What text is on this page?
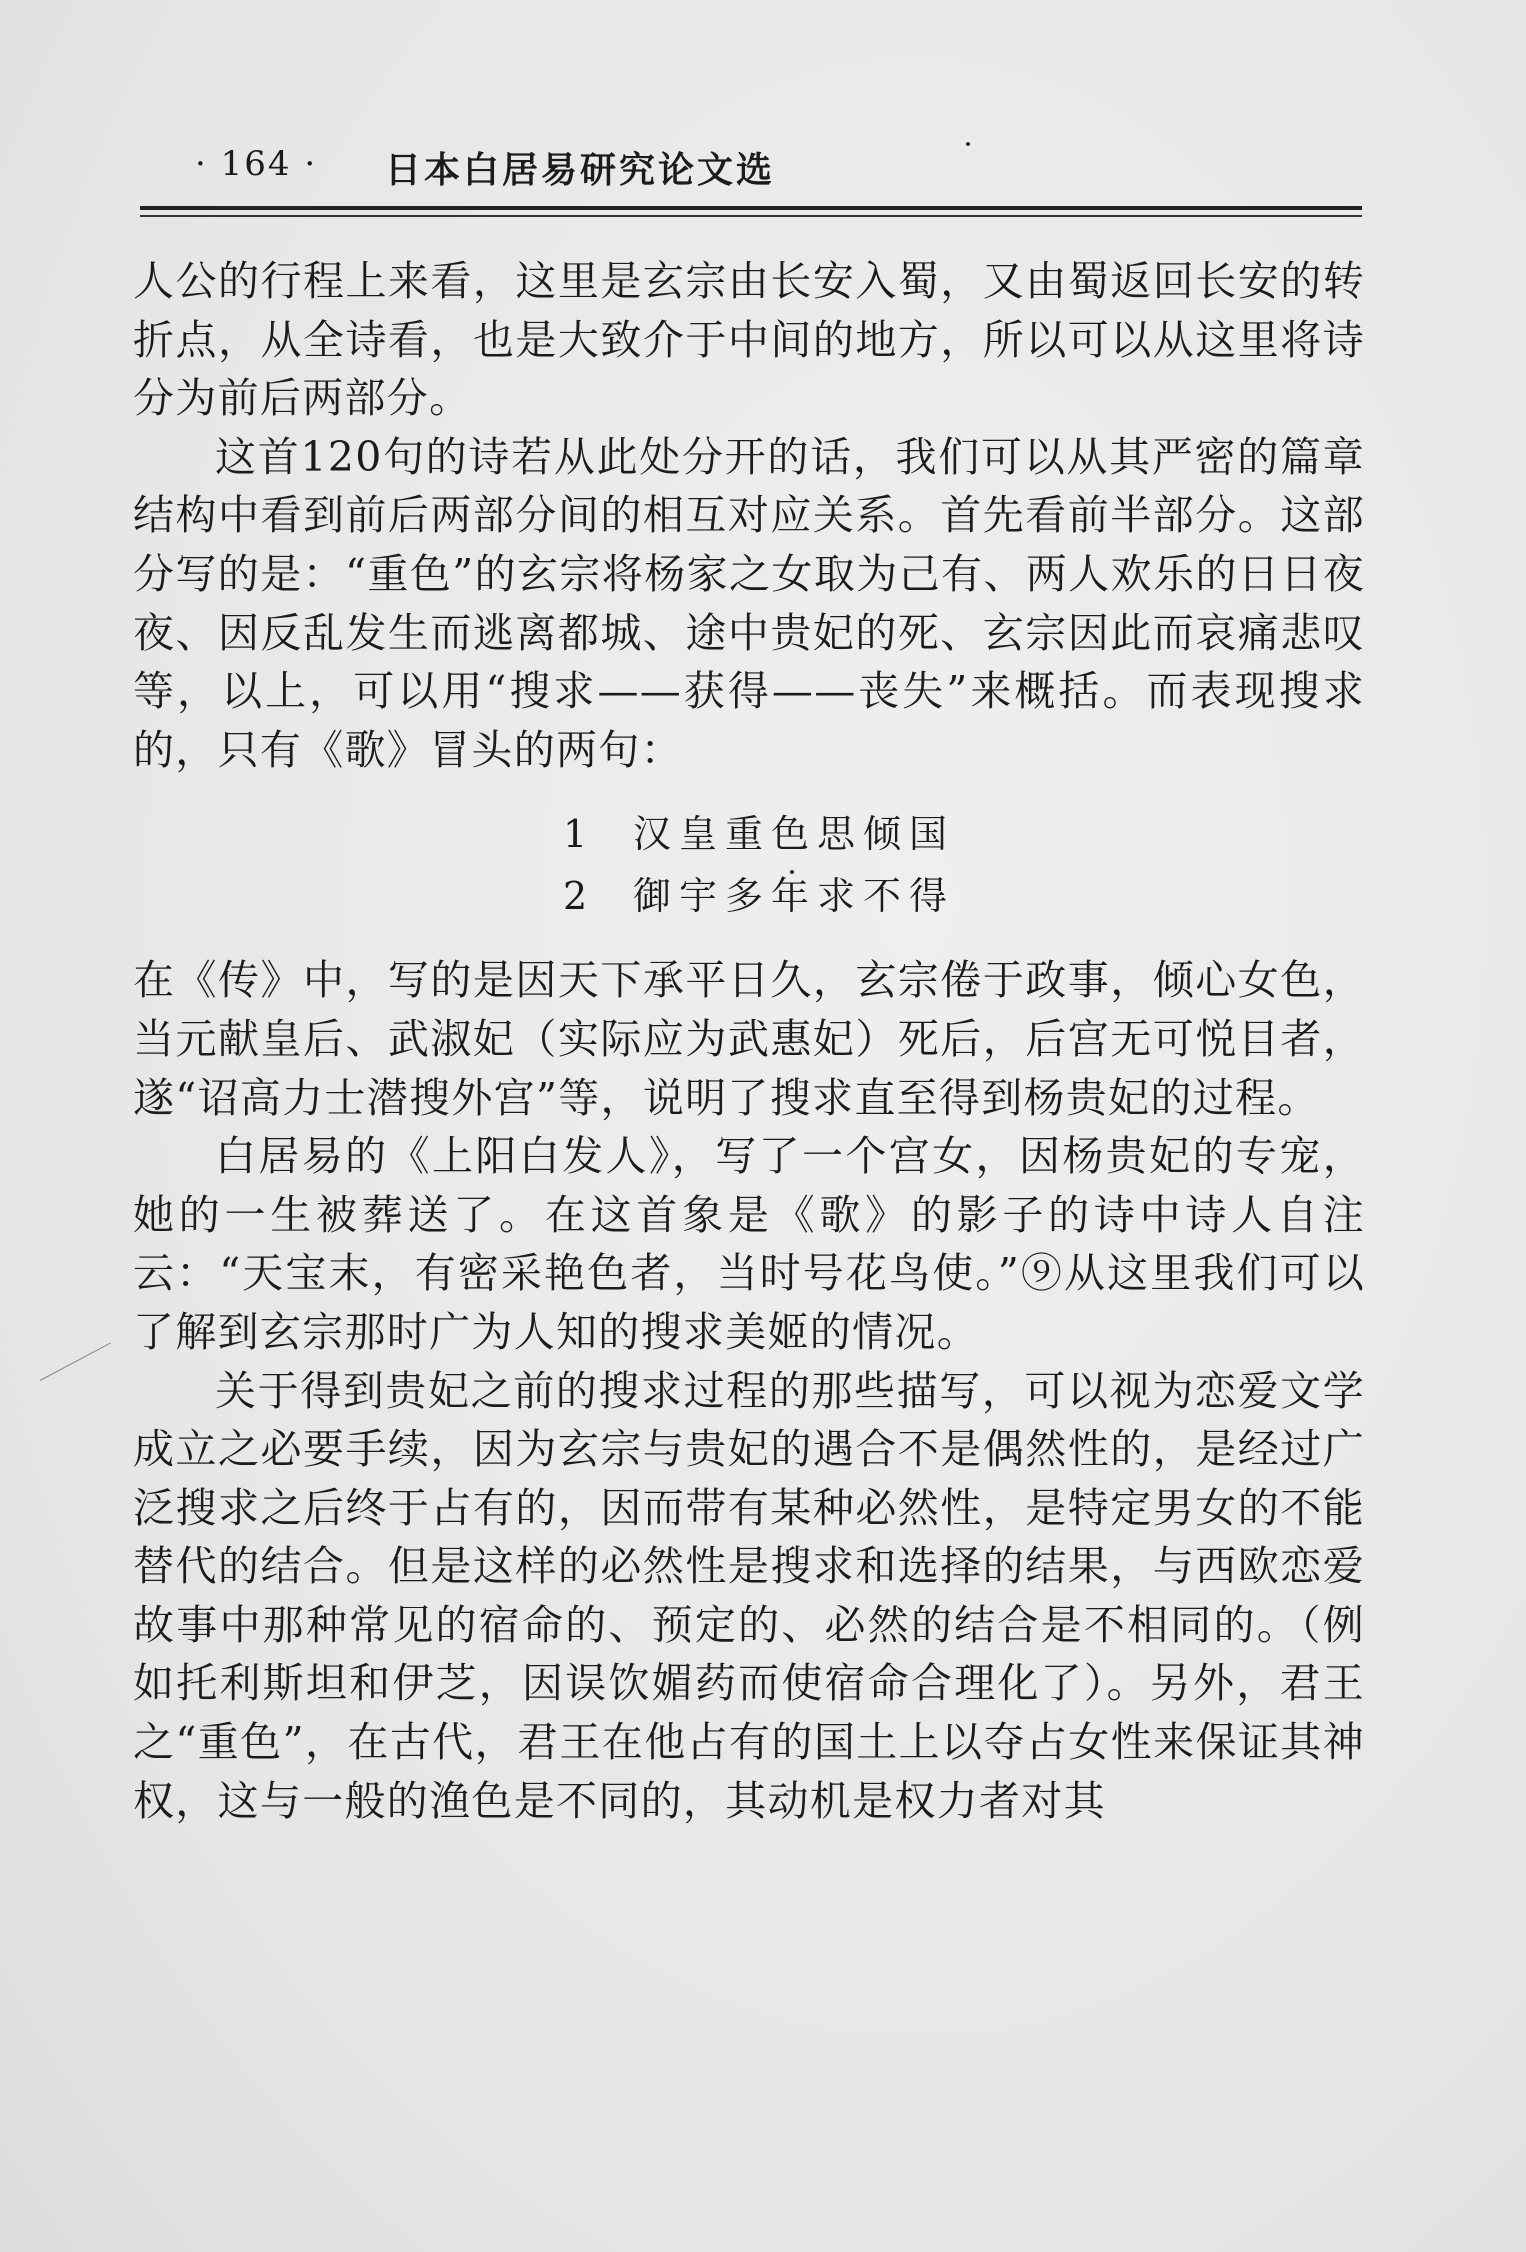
· 164 · 日本白居易研究论文选

人公的行程上来看，这里是玄宗由长安入蜀，又由蜀返回长安的转折点，从全诗看，也是大致介于中间的地方，所以可以从这里将诗分为前后两部分。

这首120句的诗若从此处分开的话，我们可以从其严密的篇章结构中看到前后两部分间的相互对应关系。首先看前半部分。这部分写的是：“重色”的玄宗将杨家之女取为己有、两人欢乐的日日夜夜、因反乱发生而逃离都城、途中贵妃的死、玄宗因此而哀痛悲叹等，以上，可以用“搜求——获得——丧失”来概括。而表现搜求的，只有《歌》冒头的两句：

1 汉皇重色思倾国
2 御宇多年求不得

在《传》中，写的是因天下承平日久，玄宗倦于政事，倾心女色，当元献皇后、武淑妃（实际应为武惠妃）死后，后宫无可悦目者，遂“诏高力士潜搜外宫”等，说明了搜求直至得到杨贵妃的过程。

白居易的《上阳白发人》，写了一个宫女，因杨贵妃的专宠，她的一生被葬送了。在这首象是《歌》的影子的诗中诗人自注云：“天宝末，有密采艳色者，当时号花鸟使。”⑨从这里我们可以了解到玄宗那时广为人知的搜求美姬的情况。

关于得到贵妃之前的搜求过程的那些描写，可以视为恋爱文学成立之必要手续，因为玄宗与贵妃的遇合不是偶然性的，是经过广泛搜求之后终于占有的，因而带有某种必然性，是特定男女的不能替代的结合。但是这样的必然性是搜求和选择的结果，与西欧恋爱故事中那种常见的宿命的、预定的、必然的结合是不相同的。（例如托利斯坦和伊芝，因误饮媚药而使宿命合理化了）。另外，君王之“重色”，在古代，君王在他占有的国土上以夺占女性来保证其神权，这与一般的渔色是不同的，其动机是权力者对其
